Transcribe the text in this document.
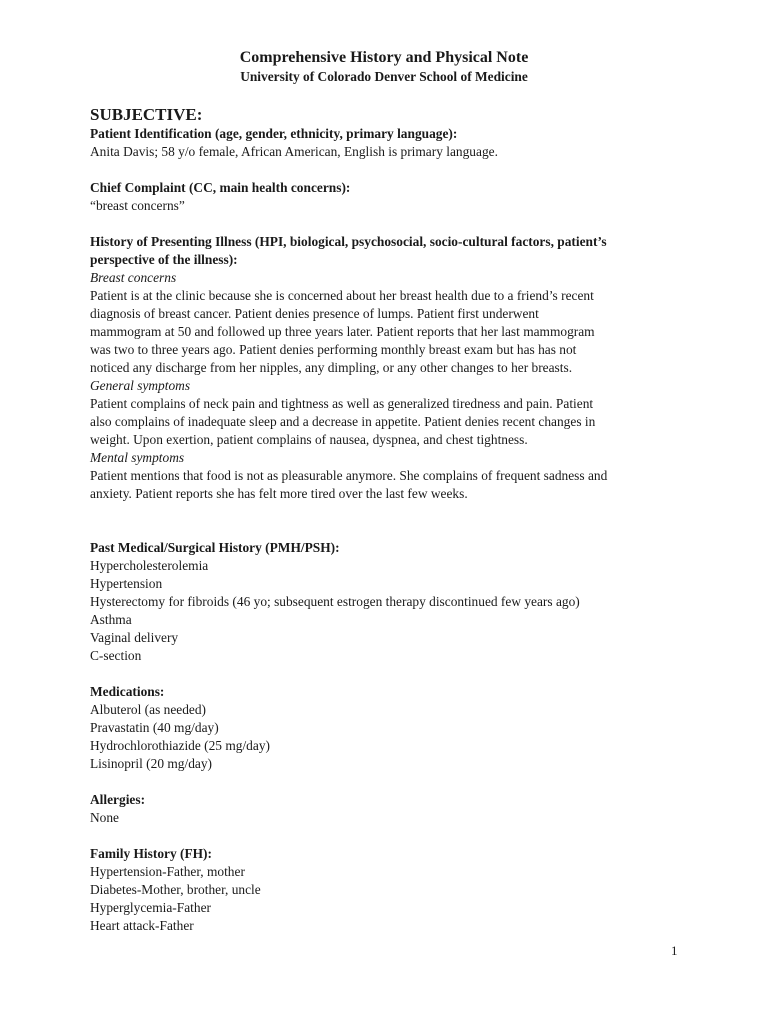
Comprehensive History and Physical Note
University of Colorado Denver School of Medicine
SUBJECTIVE:
Patient Identification (age, gender, ethnicity, primary language):
Anita Davis; 58 y/o female, African American, English is primary language.
Chief Complaint (CC, main health concerns):
“breast concerns”
History of Presenting Illness (HPI, biological, psychosocial, socio-cultural factors, patient’s
perspective of the illness):
Breast concerns
Patient is at the clinic because she is concerned about her breast health due to a friend’s recent
diagnosis of breast cancer. Patient denies presence of lumps. Patient first underwent
mammogram at 50 and followed up three years later. Patient reports that her last mammogram
was two to three years ago. Patient denies performing monthly breast exam but has has not
noticed any discharge from her nipples, any dimpling, or any other changes to her breasts.
General symptoms
Patient complains of neck pain and tightness as well as generalized tiredness and pain. Patient
also complains of inadequate sleep and a decrease in appetite. Patient denies recent changes in
weight. Upon exertion, patient complains of nausea, dyspnea, and chest tightness.
Mental symptoms
Patient mentions that food is not as pleasurable anymore. She complains of frequent sadness and
anxiety. Patient reports she has felt more tired over the last few weeks.
Past Medical/Surgical History (PMH/PSH):
Hypercholesterolemia
Hypertension
Hysterectomy for fibroids (46 yo; subsequent estrogen therapy discontinued few years ago)
Asthma
Vaginal delivery
C-section
Medications:
Albuterol (as needed)
Pravastatin (40 mg/day)
Hydrochlorothiazide (25 mg/day)
Lisinopril (20 mg/day)
Allergies:
None
Family History (FH):
Hypertension-Father, mother
Diabetes-Mother, brother, uncle
Hyperglycemia-Father
Heart attack-Father
1
